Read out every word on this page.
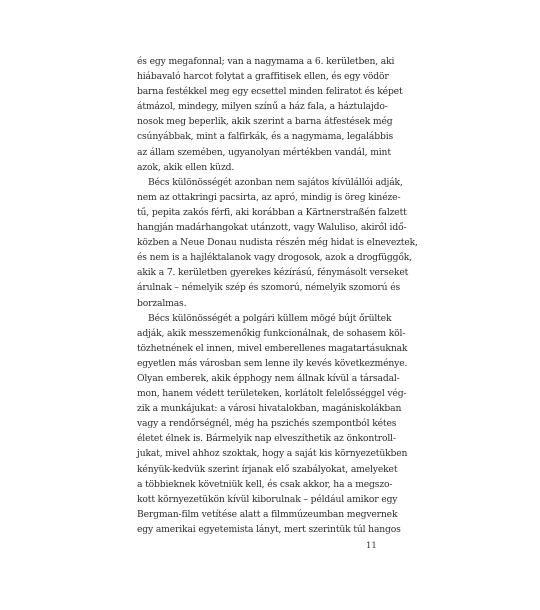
és egy megafonnal; van a nagymama a 6. kerületben, aki
hiábavaló harcot folytat a graffitisek ellen, és egy vödör
barna festékkel meg egy ecsettel minden feliratot és képet
átmázol, mindegy, milyen színű a ház fala, a háztulajdo-
nosok meg beperlik, akik szerint a barna átfestések még
csúnyábbak, mint a falfirkák, és a nagymama, legalábbis
az állam szemében, ugyanolyan mértékben vandál, mint
azok, akik ellen küzd.
Bécs különösségét azonban nem sajátos kívülállói adják,
nem az ottakringi pacsirta, az apró, mindig is öreg kinéze-
tű, pepita zakós férfi, aki korábban a Kärtnerstraßén falzett
hangján madárhangokat utánzott, vagy Waluliso, akiről idő-
közben a Neue Donau nudista részén még hidat is elneveztek,
és nem is a hajléktalanok vagy drogosok, azok a drogfüggők,
akik a 7. kerületben gyerekes kézírású, fénymásolt verseket
árulnak – némelyik szép és szomorú, némelyik szomorú és
borzalmas.
Bécs különösségét a polgári küllem mögé bújt őrültek
adják, akik messzemenőkig funkcionálnak, de sohasem köl-
tözhetnének el innen, mivel emberellenes magatartásuknak
egyetlen más városban sem lenne ily kevés következménye.
Olyan emberek, akik épphogy nem állnak kívül a társadal-
mon, hanem védett területeken, korlátolt felelősséggel vég-
zik a munkájukat: a városi hivatalokban, magániskolákban
vagy a rendőrségnél, még ha pszichés szempontból kétes
életet élnek is. Bármelyik nap elveszíthetik az önkontroll-
jukat, mivel ahhoz szoktak, hogy a saját kis környezetükben
kényük-kedvük szerint írjanak elő szabályokat, amelyeket
a többieknek követniük kell, és csak akkor, ha a megszo-
kott környezetükön kívül kiborulnak – például amikor egy
Bergman-film vetítése alatt a filmmúzeumban megvernek
egy amerikai egyetemista lányt, mert szerintük túl hangos
11
